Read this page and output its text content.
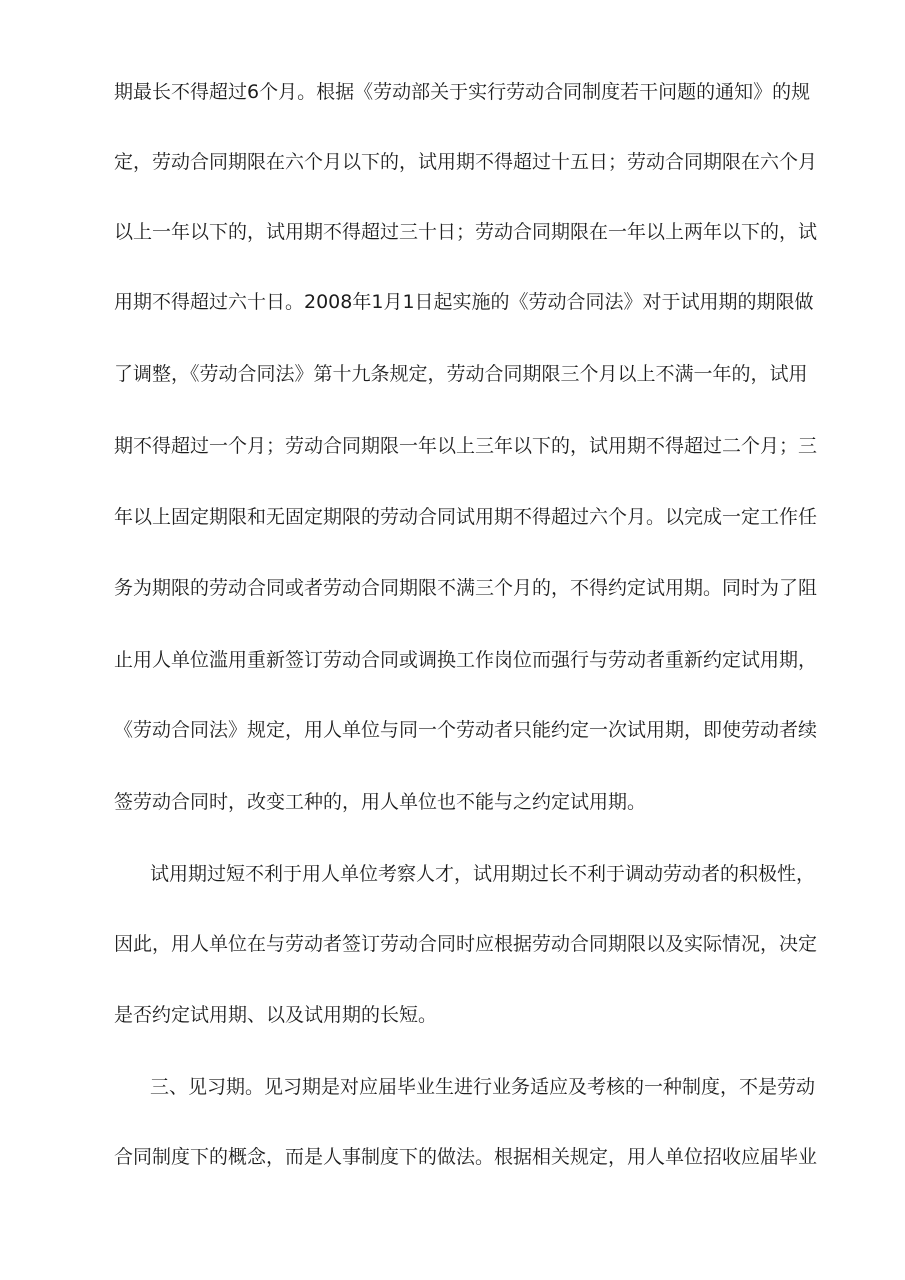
期最长不得超过6个月。根据《劳动部关于实行劳动合同制度若干问题的通知》的规
定，劳动合同期限在六个月以下的，试用期不得超过十五日；劳动合同期限在六个月
以上一年以下的，试用期不得超过三十日；劳动合同期限在一年以上两年以下的，试
用期不得超过六十日。2008年1月1日起实施的《劳动合同法》对于试用期的期限做
了调整，《劳动合同法》第十九条规定，劳动合同期限三个月以上不满一年的，试用
期不得超过一个月；劳动合同期限一年以上三年以下的，试用期不得超过二个月；三
年以上固定期限和无固定期限的劳动合同试用期不得超过六个月。以完成一定工作任
务为期限的劳动合同或者劳动合同期限不满三个月的，不得约定试用期。同时为了阻
止用人单位滥用重新签订劳动合同或调换工作岗位而强行与劳动者重新约定试用期，
《劳动合同法》规定，用人单位与同一个劳动者只能约定一次试用期，即使劳动者续
签劳动合同时，改变工种的，用人单位也不能与之约定试用期。
试用期过短不利于用人单位考察人才，试用期过长不利于调动劳动者的积极性，
因此，用人单位在与劳动者签订劳动合同时应根据劳动合同期限以及实际情况，决定
是否约定试用期、以及试用期的长短。
三、见习期。见习期是对应届毕业生进行业务适应及考核的一种制度，不是劳动
合同制度下的概念，而是人事制度下的做法。根据相关规定，用人单位招收应届毕业
